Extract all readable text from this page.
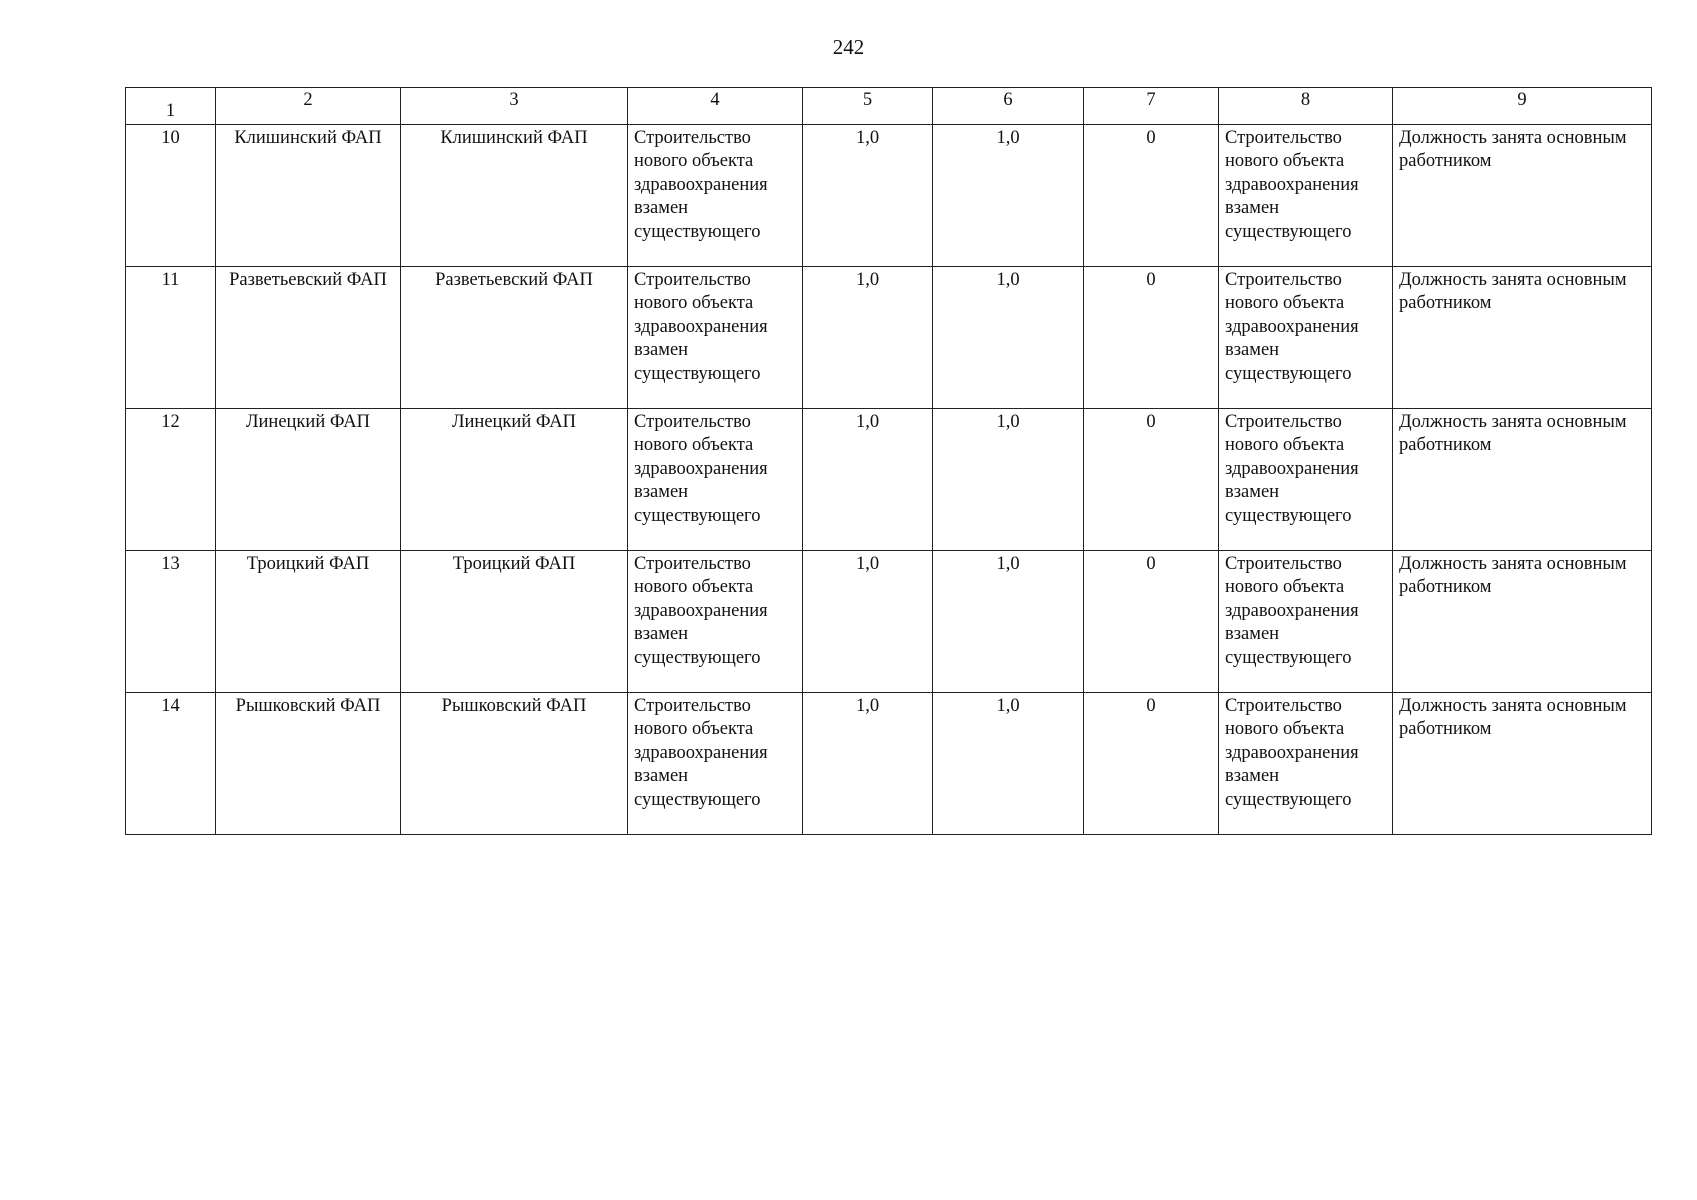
242
1	2	3	4	5	6	7	8	9
10	Клишинский ФАП	Клишинский ФАП	Строительство нового объекта здравоохранения взамен существующего	1,0	1,0	0	Строительство нового объекта здравоохранения взамен существующего	Должность занята основным работником
11	Разветьевский ФАП	Разветьевский ФАП	Строительство нового объекта здравоохранения взамен существующего	1,0	1,0	0	Строительство нового объекта здравоохранения взамен существующего	Должность занята основным работником
12	Линецкий ФАП	Линецкий ФАП	Строительство нового объекта здравоохранения взамен существующего	1,0	1,0	0	Строительство нового объекта здравоохранения взамен существующего	Должность занята основным работником
13	Троицкий ФАП	Троицкий ФАП	Строительство нового объекта здравоохранения взамен существующего	1,0	1,0	0	Строительство нового объекта здравоохранения взамен существующего	Должность занята основным работником
14	Рышковский ФАП	Рышковский ФАП	Строительство нового объекта здравоохранения взамен существующего	1,0	1,0	0	Строительство нового объекта здравоохранения взамен существующего	Должность занята основным работником
